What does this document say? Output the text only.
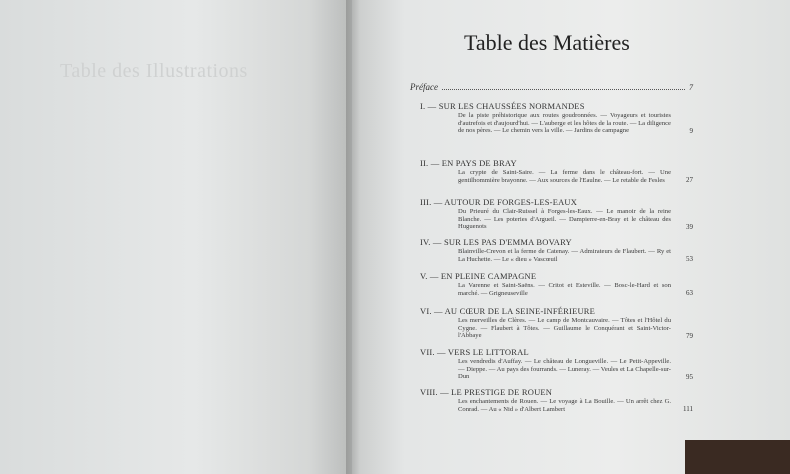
Table des Illustrations
Table des Matières
Préface	7
I. — SUR LES CHAUSSÉES NORMANDES
De la piste préhistorique aux routes goudronnées. — Voyageurs et touristes d'autrefois et d'aujourd'hui. — L'auberge et les hôtes de la route. — La diligence de nos pères. — Le chemin vers la ville. — Jardins de campagne	9
II. — EN PAYS DE BRAY
La crypte de Saint-Saire. — La ferme dans le château-fort. — Une gentilhommière brayonne. — Aux sources de l'Eaulne. — Le retable de Fesles	27
III. — AUTOUR DE FORGES-LES-EAUX
Du Prieuré du Clair-Ruissel à Forges-les-Eaux. — Le manoir de la reine Blanche. — Les poteries d'Argueil. — Dampierre-en-Bray et le château des Huguenots	39
IV. — SUR LES PAS D'EMMA BOVARY
Blainville-Crevon et la ferme de Catenay. — Admirateurs de Flaubert. — Ry et La Huchette. — Le « dieu » Vascœuil	53
V. — EN PLEINE CAMPAGNE
La Varenne et Saint-Saëns. — Critot et Esteville. — Bosc-le-Hard et son marché. — Grigneuseville	63
VI. — AU CŒUR DE LA SEINE-INFÉRIEURE
Les merveilles de Clères. — Le camp de Montcauvaire. — Tôtes et l'Hôtel du Cygne. — Flaubert à Tôtes. — Guillaume le Conquérant et Saint-Victor-l'Abbaye	79
VII. — VERS LE LITTORAL
Les vendredis d'Auffay. — Le château de Longueville. — Le Petit-Appeville. — Dieppe. — Au pays des fourrands. — Luneray. — Veules et La Chapelle-sur-Dun	95
VIII. — LE PRESTIGE DE ROUEN
Les enchantements de Rouen. — Le voyage à La Bouille. — Un arrêt chez G. Conrad. — Au « Nid » d'Albert Lambert	111
